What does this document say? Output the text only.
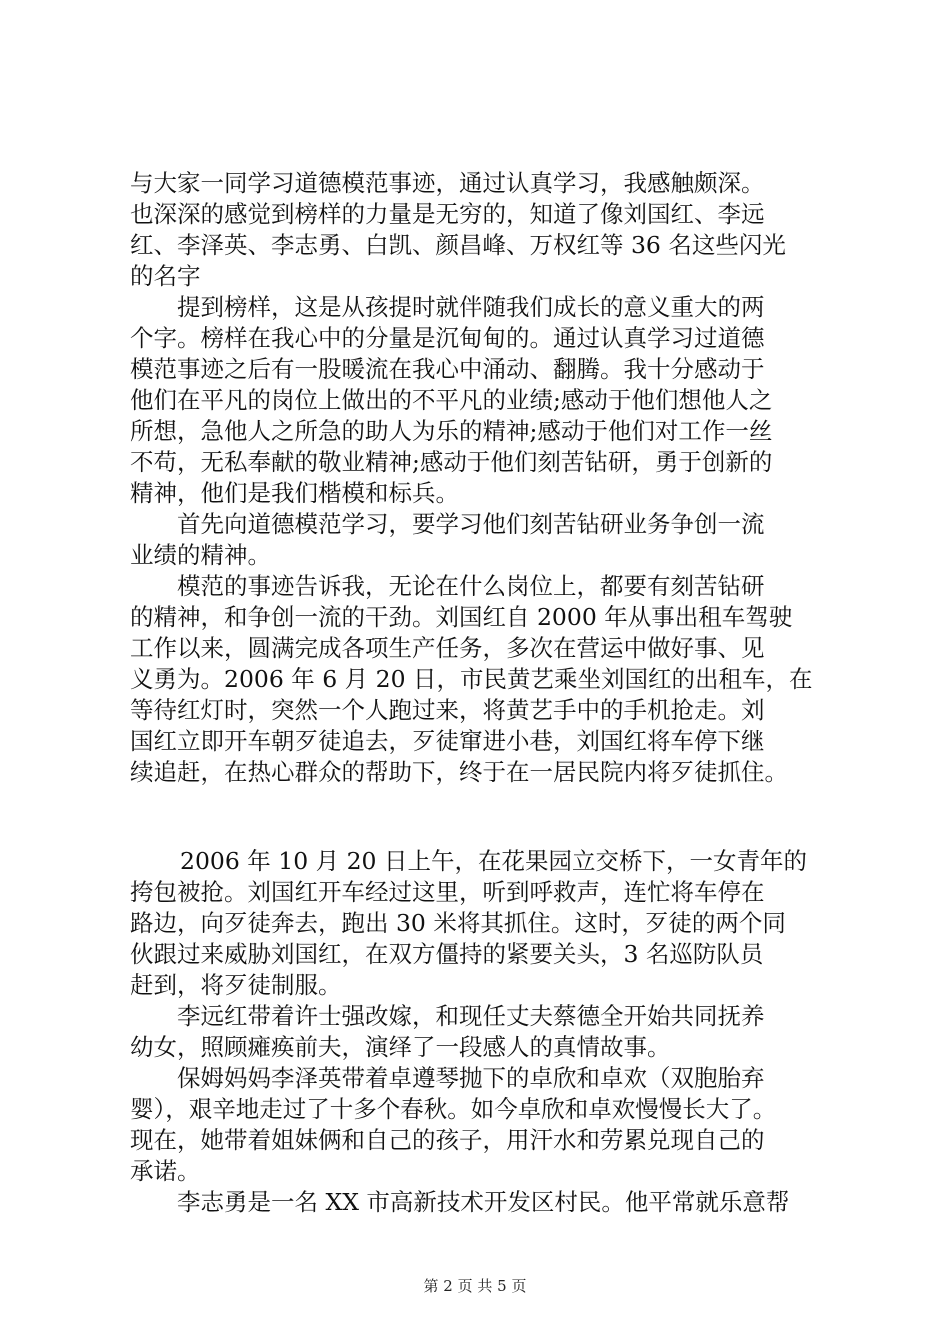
与大家一同学习道德模范事迹，通过认真学习，我感触颇深。
也深深的感觉到榜样的力量是无穷的，知道了像刘国红、李远
红、李泽英、李志勇、白凯、颜昌峰、万权红等 36 名这些闪光
的名字
提到榜样，这是从孩提时就伴随我们成长的意义重大的两
个字。榜样在我心中的分量是沉甸甸的。通过认真学习过道德
模范事迹之后有一股暖流在我心中涌动、翻腾。我十分感动于
他们在平凡的岗位上做出的不平凡的业绩;感动于他们想他人之
所想，急他人之所急的助人为乐的精神;感动于他们对工作一丝
不苟，无私奉献的敬业精神;感动于他们刻苦钻研，勇于创新的
精神，他们是我们楷模和标兵。
首先向道德模范学习，要学习他们刻苦钻研业务争创一流
业绩的精神。
模范的事迹告诉我，无论在什么岗位上，都要有刻苦钻研
的精神，和争创一流的干劲。刘国红自 2000 年从事出租车驾驶
工作以来，圆满完成各项生产任务，多次在营运中做好事、见
义勇为。2006 年 6 月 20 日，市民黄艺乘坐刘国红的出租车，在
等待红灯时，突然一个人跑过来，将黄艺手中的手机抢走。刘
国红立即开车朝歹徒追去，歹徒窜进小巷，刘国红将车停下继
续追赶，在热心群众的帮助下，终于在一居民院内将歹徒抓住。
2006 年 10 月 20 日上午，在花果园立交桥下，一女青年的
挎包被抢。刘国红开车经过这里，听到呼救声，连忙将车停在
路边，向歹徒奔去，跑出 30 米将其抓住。这时，歹徒的两个同
伙跟过来威胁刘国红，在双方僵持的紧要关头，3 名巡防队员
赶到，将歹徒制服。
李远红带着许士强改嫁，和现任丈夫蔡德全开始共同抚养
幼女，照顾瘫痪前夫，演绎了一段感人的真情故事。
保姆妈妈李泽英带着卓遵琴抛下的卓欣和卓欢（双胞胎弃
婴），艰辛地走过了十多个春秋。如今卓欣和卓欢慢慢长大了。
现在，她带着姐妹俩和自己的孩子，用汗水和劳累兑现自己的
承诺。
李志勇是一名 XX 市高新技术开发区村民。他平常就乐意帮
第 2 页 共 5 页
